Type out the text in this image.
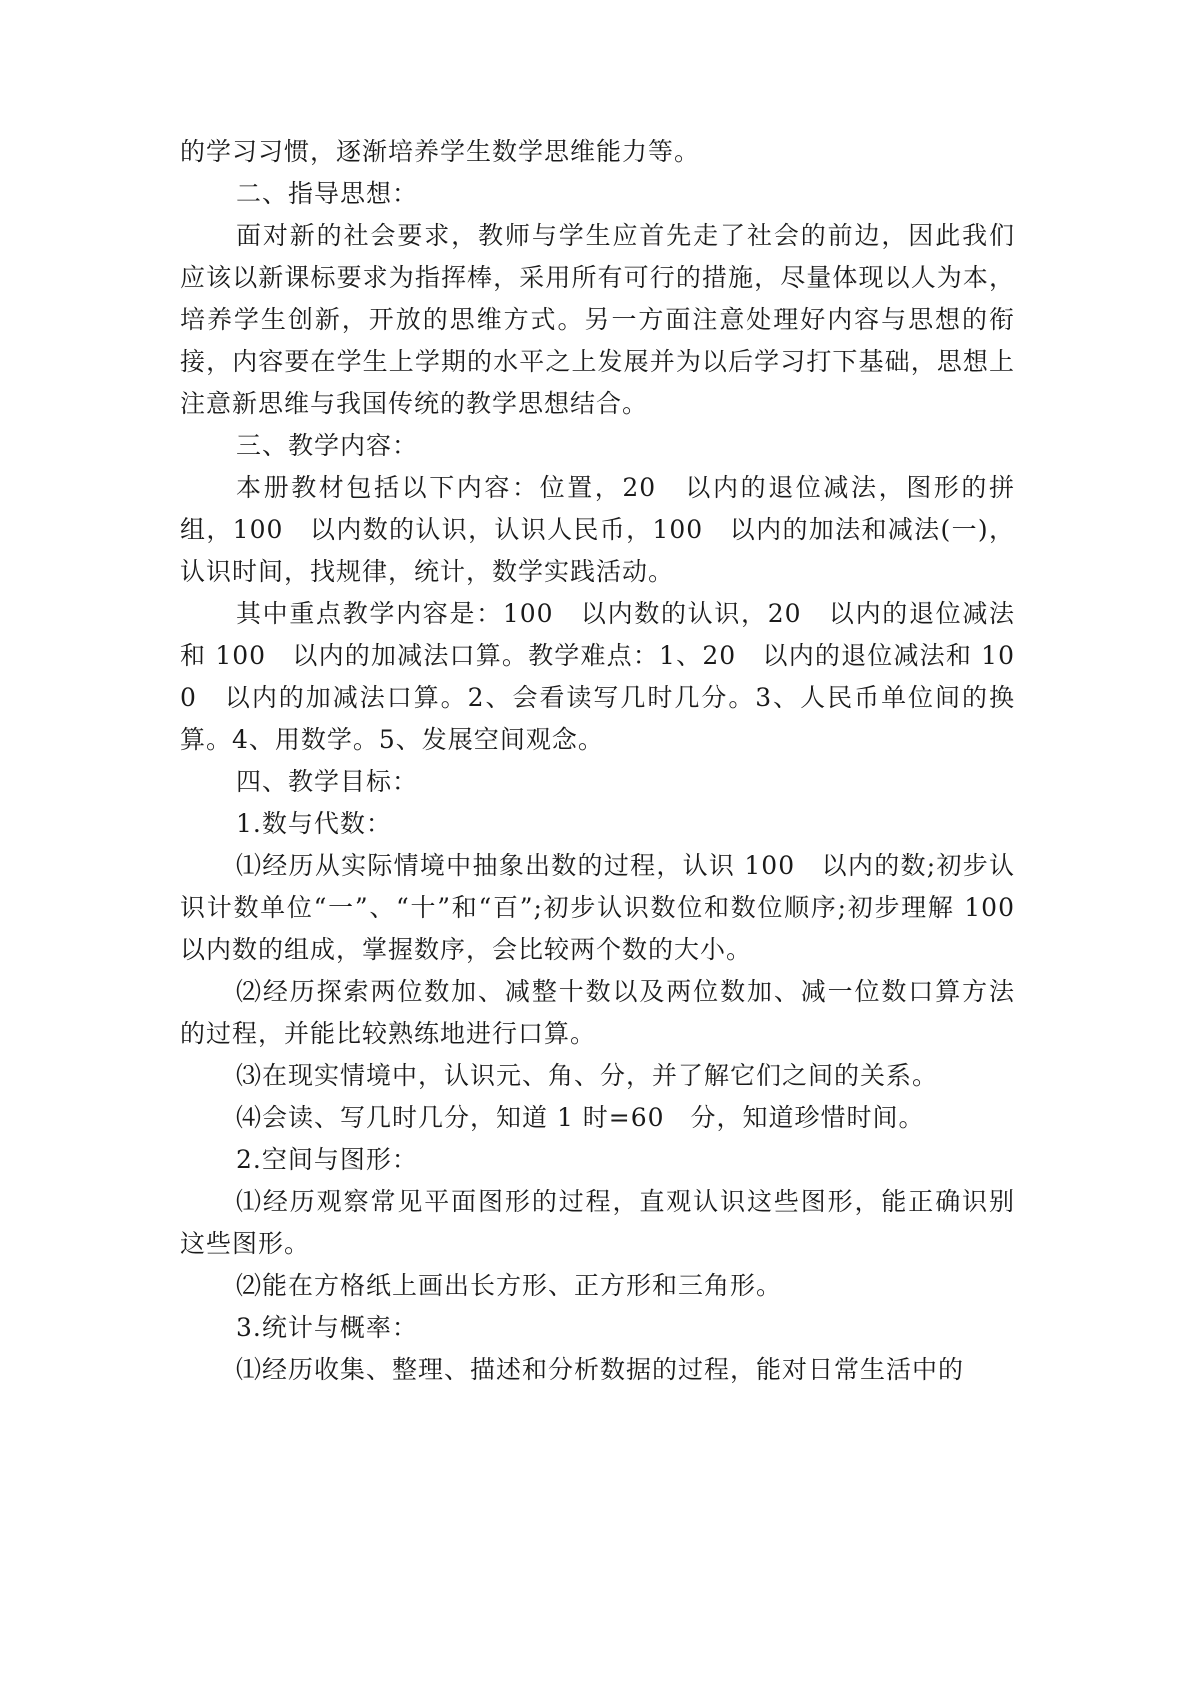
的学习习惯，逐渐培养学生数学思维能力等。

二、指导思想：

面对新的社会要求，教师与学生应首先走了社会的前边，因此我们应该以新课标要求为指挥棒，采用所有可行的措施，尽量体现以人为本，培养学生创新，开放的思维方式。另一方面注意处理好内容与思想的衔接，内容要在学生上学期的水平之上发展并为以后学习打下基础，思想上注意新思维与我国传统的教学思想结合。

三、教学内容：

本册教材包括以下内容：位置，20　以内的退位减法，图形的拼组，100　以内数的认识，认识人民币，100　以内的加法和减法(一)，认识时间，找规律，统计，数学实践活动。

其中重点教学内容是：100　以内数的认识，20　以内的退位减法和 100　以内的加减法口算。教学难点：1、20　以内的退位减法和 100　以内的加减法口算。2、会看读写几时几分。3、人民币单位间的换算。4、用数学。5、发展空间观念。

四、教学目标：

1.数与代数：

⑴经历从实际情境中抽象出数的过程，认识 100　以内的数;初步认识计数单位“一”、“十”和“百”;初步认识数位和数位顺序;初步理解 100　以内数的组成，掌握数序，会比较两个数的大小。

⑵经历探索两位数加、减整十数以及两位数加、减一位数口算方法的过程，并能比较熟练地进行口算。

⑶在现实情境中，认识元、角、分，并了解它们之间的关系。

⑷会读、写几时几分，知道 1 时=60　分，知道珍惜时间。

2.空间与图形：

⑴经历观察常见平面图形的过程，直观认识这些图形，能正确识别这些图形。

⑵能在方格纸上画出长方形、正方形和三角形。

3.统计与概率：

⑴经历收集、整理、描述和分析数据的过程，能对日常生活中的
